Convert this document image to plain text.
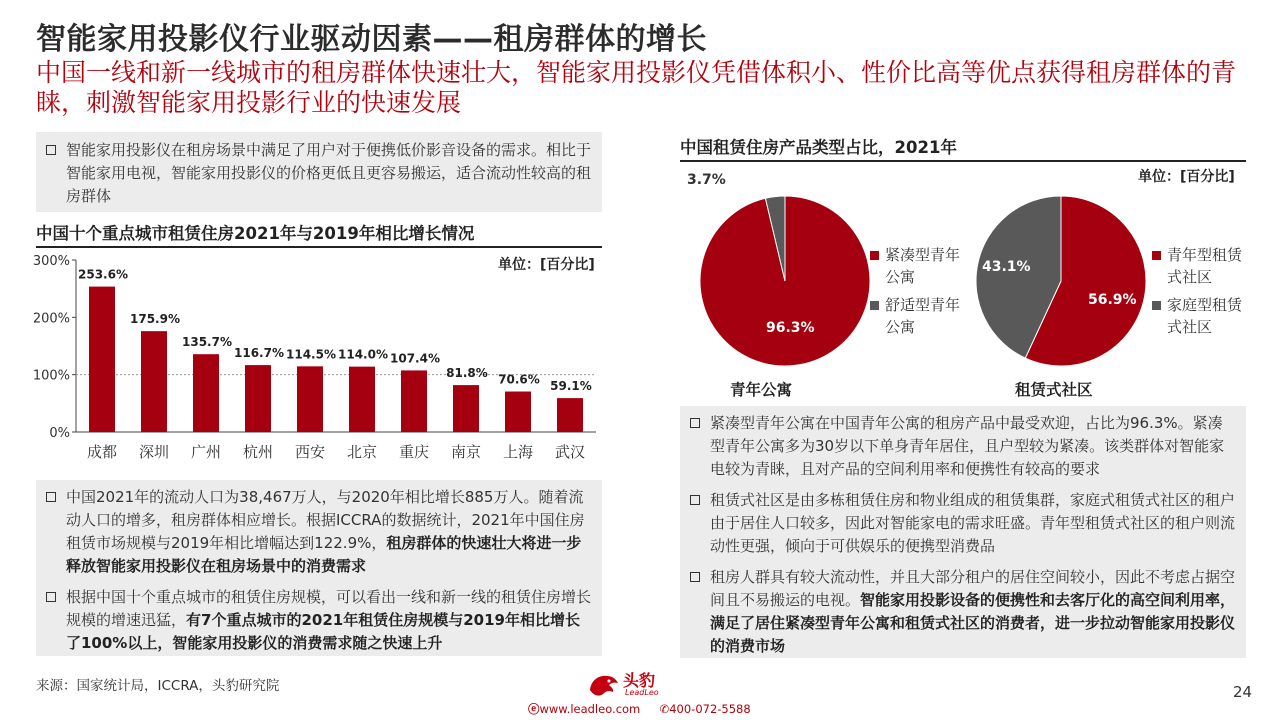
智能家用投影仪行业驱动因素——租房群体的增长
中国一线和新一线城市的租房群体快速壮大，智能家用投影仪凭借体积小、性价比高等优点获得租房群体的青睐，刺激智能家用投影行业的快速发展
智能家用投影仪在租房场景中满足了用户对于便携低价影音设备的需求。相比于智能家用电视，智能家用投影仪的价格更低且更容易搬运，适合流动性较高的租房群体
中国十个重点城市租赁住房2021年与2019年相比增长情况
单位：[百分比]
0%
100%
200%
300%
253.6%
成都
175.9%
深圳
135.7%
广州
116.7%
杭州
114.5%
西安
114.0%
北京
107.4%
重庆
81.8%
南京
70.6%
上海
59.1%
武汉
中国2021年的流动人口为38,467万人，与2020年相比增长885万人。随着流动人口的增多，租房群体相应增长。根据ICCRA的数据统计，2021年中国住房租赁市场规模与2019年相比增幅达到122.9%，租房群体的快速壮大将进一步释放智能家用投影仪在租房场景中的消费需求
根据中国十个重点城市的租赁住房规模，可以看出一线和新一线的租赁住房增长规模的增速迅猛，有7个重点城市的2021年租赁住房规模与2019年相比增长了100%以上，智能家用投影仪的消费需求随之快速上升
中国租赁住房产品类型占比，2021年
单位：[百分比]
96.3%
3.7%
56.9%
43.1%
紧凑型青年公寓
舒适型青年公寓
青年型租赁式社区
家庭型租赁式社区
青年公寓	租赁式社区
紧凑型青年公寓在中国青年公寓的租房产品中最受欢迎，占比为96.3%。紧凑型青年公寓多为30岁以下单身青年居住，且户型较为紧凑。该类群体对智能家电较为青睐，且对产品的空间利用率和便携性有较高的要求
租赁式社区是由多栋租赁住房和物业组成的租赁集群，家庭式租赁式社区的租户由于居住人口较多，因此对智能家电的需求旺盛。青年型租赁式社区的租户则流动性更强，倾向于可供娱乐的便携型消费品
租房人群具有较大流动性，并且大部分租户的居住空间较小，因此不考虑占据空间且不易搬运的电视。智能家用投影设备的便携性和去客厅化的高空间利用率，满足了居住紧凑型青年公寓和租赁式社区的消费者，进一步拉动智能家用投影仪的消费市场
来源：国家统计局，ICCRA，头豹研究院	头豹
LeadLeo
ⓔwww.leadleo.com ✆400-072-5588
24
